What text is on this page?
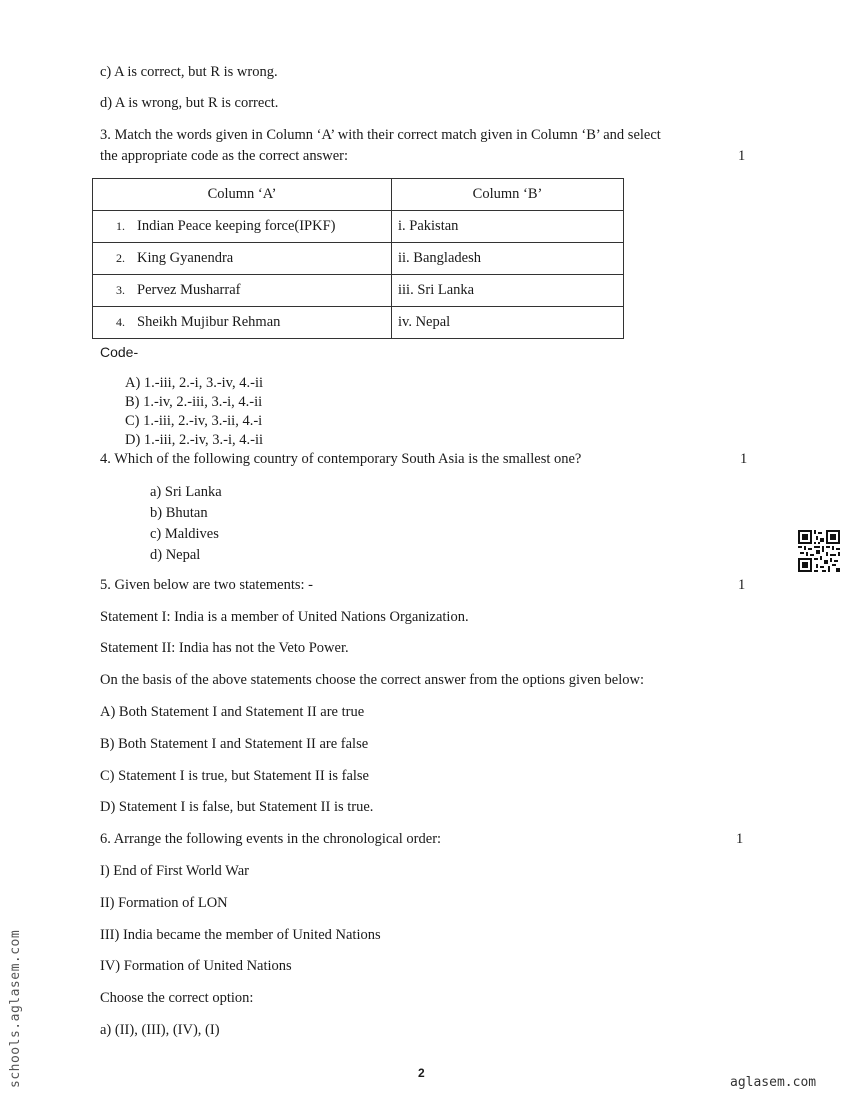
c) A is correct, but R is wrong.
d) A is wrong, but R is correct.
3. Match the words given in Column ‘A’ with their correct match given in Column ‘B’ and select
the appropriate code as the correct answer:	1
Column ‘A’	Column ‘B’
1. Indian Peace keeping force(IPKF)	i. Pakistan
2. King Gyanendra	ii. Bangladesh
3. Pervez Musharraf	iii. Sri Lanka
4. Sheikh Mujibur Rehman	iv. Nepal
Code-
A) 1.-iii, 2.-i, 3.-iv, 4.-ii
B) 1.-iv, 2.-iii, 3.-i, 4.-ii
C) 1.-iii, 2.-iv, 3.-ii, 4.-i
D) 1.-iii, 2.-iv, 3.-i, 4.-ii
4. Which of the following country of contemporary South Asia is the smallest one?	1
a) Sri Lanka
b) Bhutan
c) Maldives
d) Nepal
5. Given below are two statements: -	1
Statement I: India is a member of United Nations Organization.
Statement II: India has not the Veto Power.
On the basis of the above statements choose the correct answer from the options given below:
A) Both Statement I and Statement II are true
B) Both Statement I and Statement II are false
C) Statement I is true, but Statement II is false
D) Statement I is false, but Statement II is true.
6. Arrange the following events in the chronological order:	1
I) End of First World War
II) Formation of LON
III) India became the member of United Nations
IV) Formation of United Nations
Choose the correct option:
a) (II), (III), (IV), (I)
2
schools.aglasem.com	aglasem.com
